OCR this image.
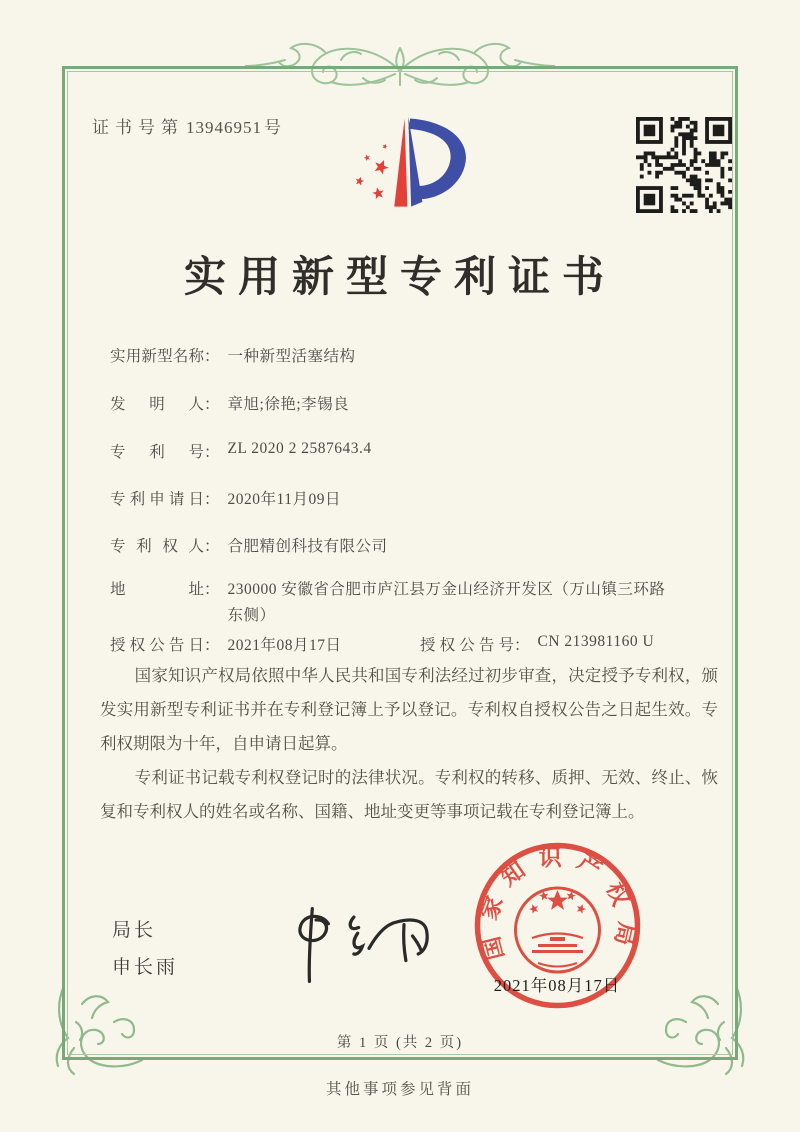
证书号第 13946951 号
实用新型专利证书
实用新型名称： 一种新型活塞结构
发明人： 章旭;徐艳;李锡良
专利号： ZL 2020 2 2587643.4
专利申请日： 2020年11月09日
专利权人： 合肥精创科技有限公司
地址： 230000 安徽省合肥市庐江县万金山经济开发区（万山镇三环路东侧）
授权公告日： 2021年08月17日	授权公告号： CN 213981160 U

国家知识产权局依照中华人民共和国专利法经过初步审查，决定授予专利权，颁发实用新型专利证书并在专利登记簿上予以登记。专利权自授权公告之日起生效。专利权期限为十年，自申请日起算。

专利证书记载专利权登记时的法律状况。专利权的转移、质押、无效、终止、恢复和专利权人的姓名或名称、国籍、地址变更等事项记载在专利登记簿上。

局长
申长雨
国家知识产权局
2021年08月17日
第 1 页 (共 2 页)
其他事项参见背面
